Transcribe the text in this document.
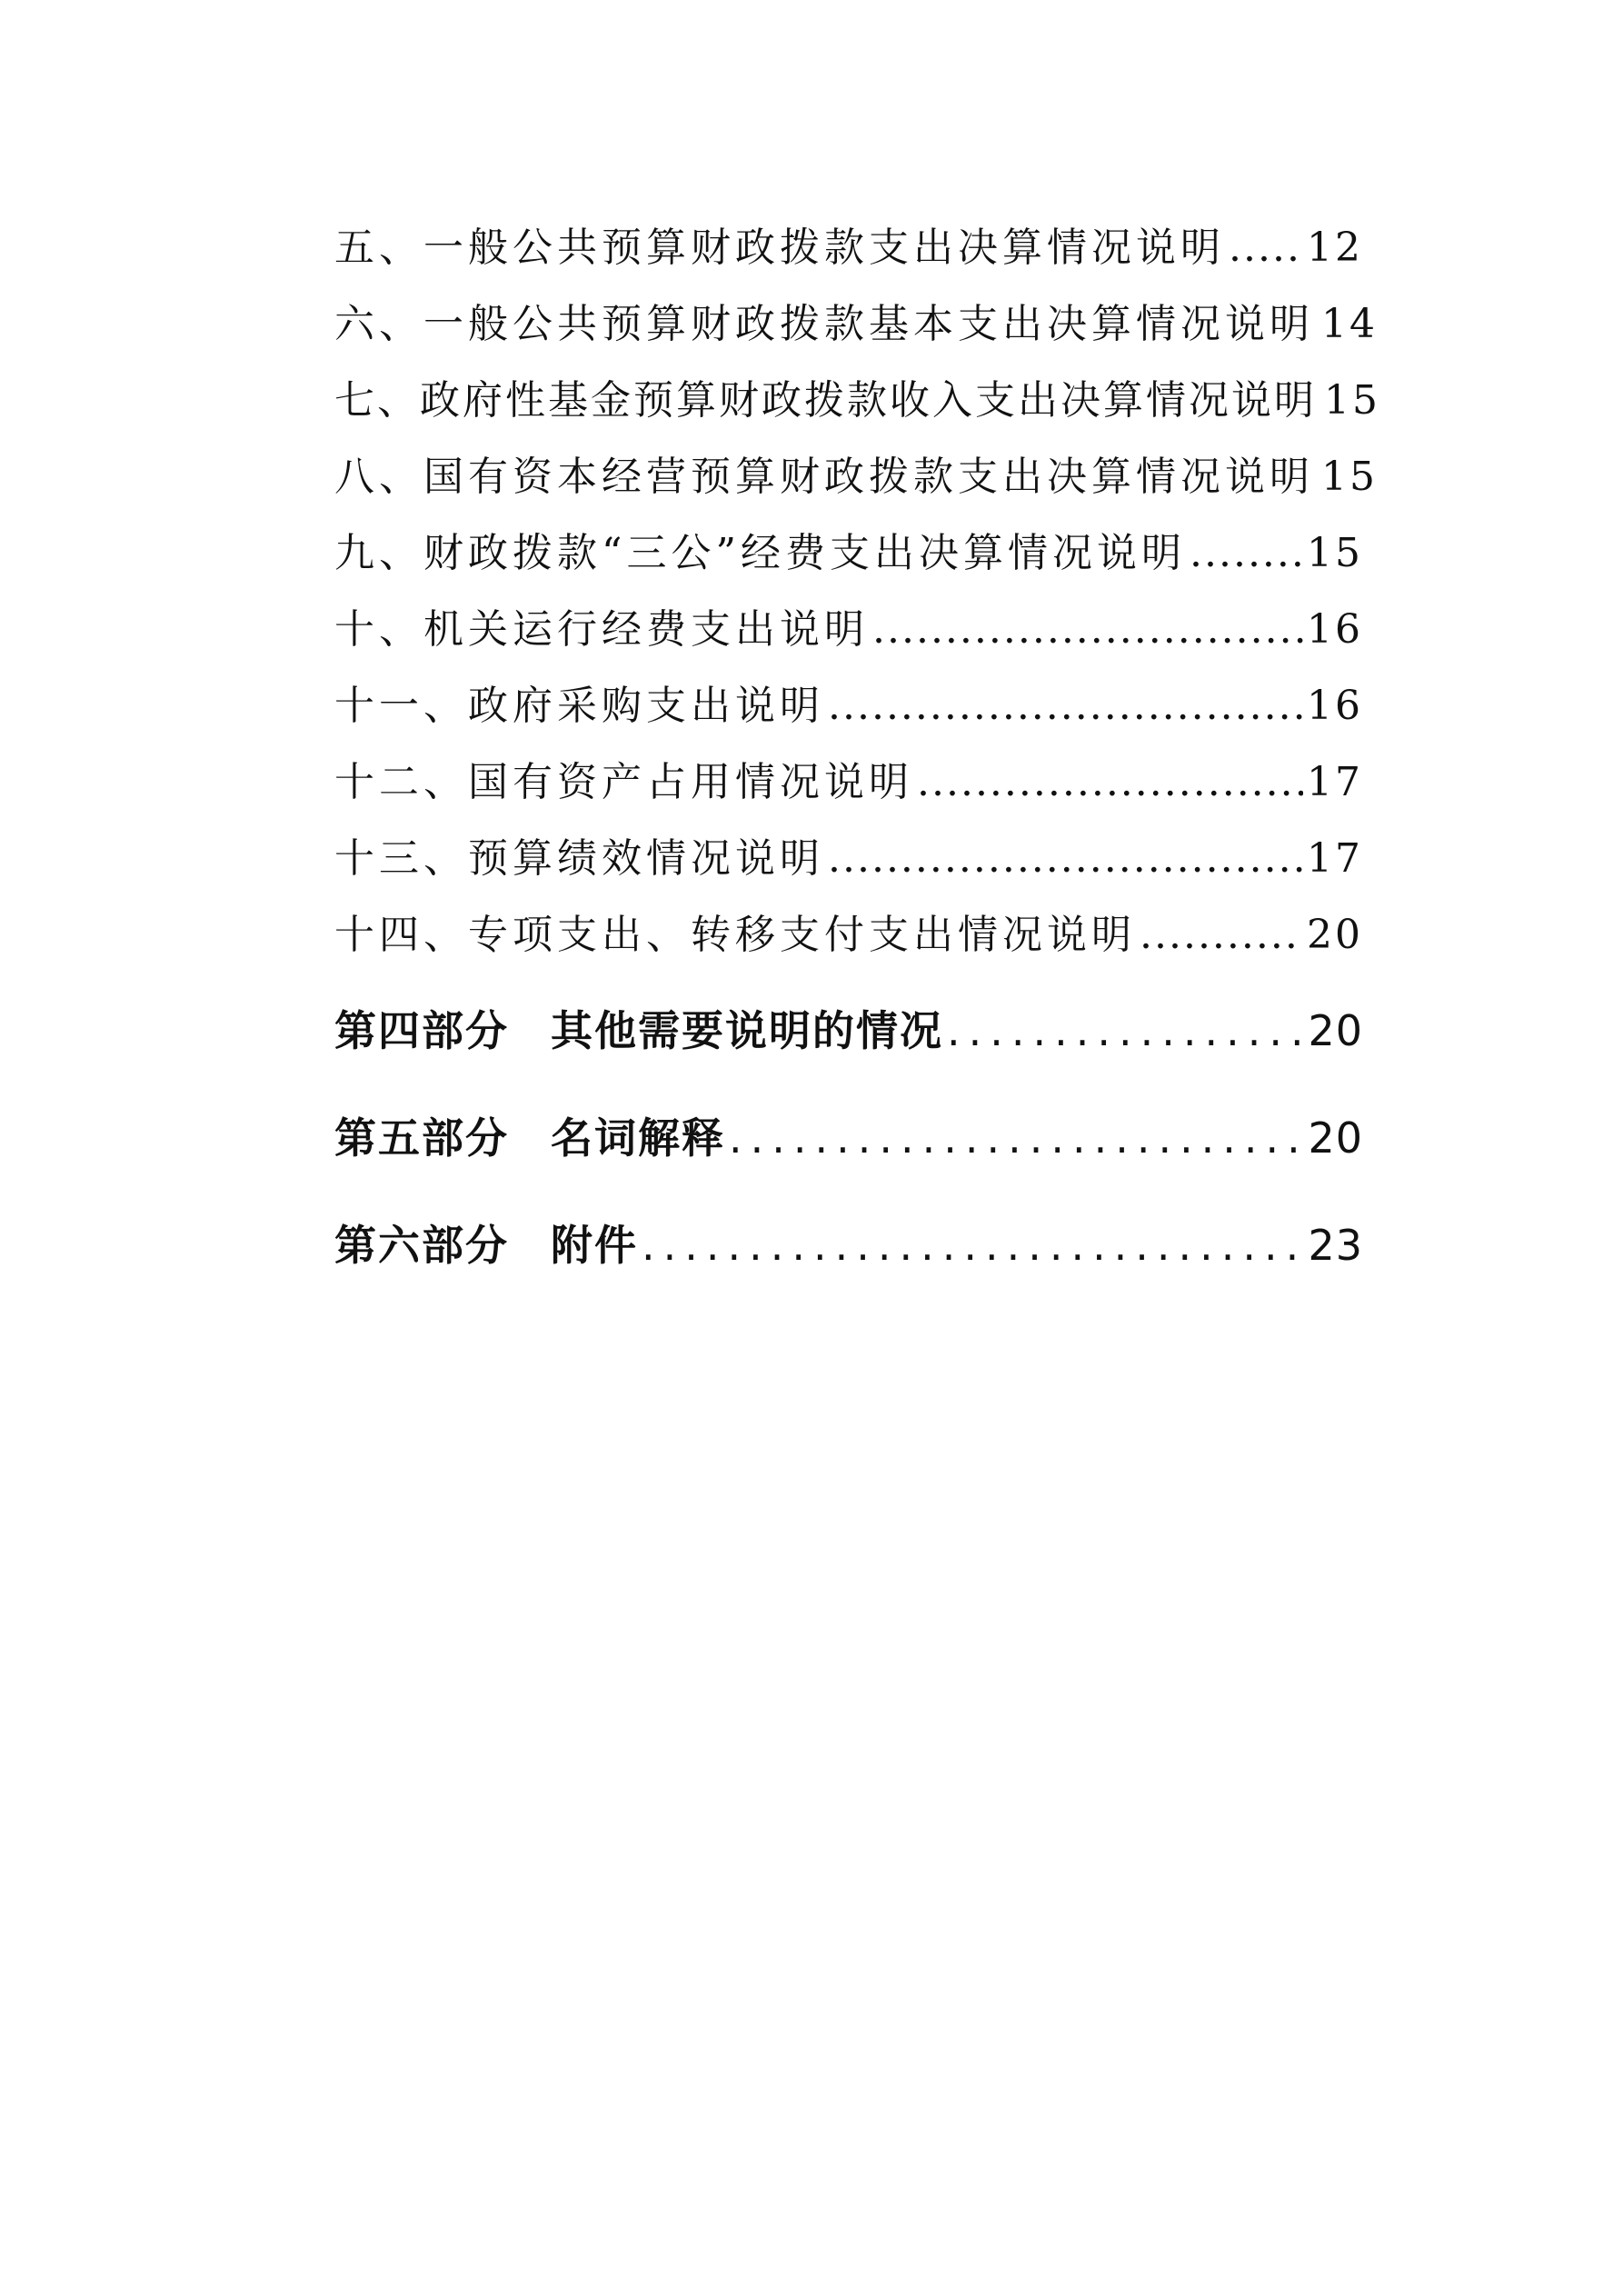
五、一般公共预算财政拨款支出决算情况说明 ..... 12
六、一般公共预算财政拨款基本支出决算情况说明 14
七、政府性基金预算财政拨款收入支出决算情况说明 15
八、国有资本经营预算财政拨款支出决算情况说明 15
九、财政拨款“三公”经费支出决算情况说明 .....	15
十、机关运行经费支出说明 .....	16
十一、政府采购支出说明 .....	16
十二、国有资产占用情况说明 .....	17
十三、预算绩效情况说明 .....	17
十四、专项支出、转移支付支出情况说明 .....	20
第四部分 其他需要说明的情况 .....	20
第五部分 名词解释 .....	20
第六部分 附件 .....	23
